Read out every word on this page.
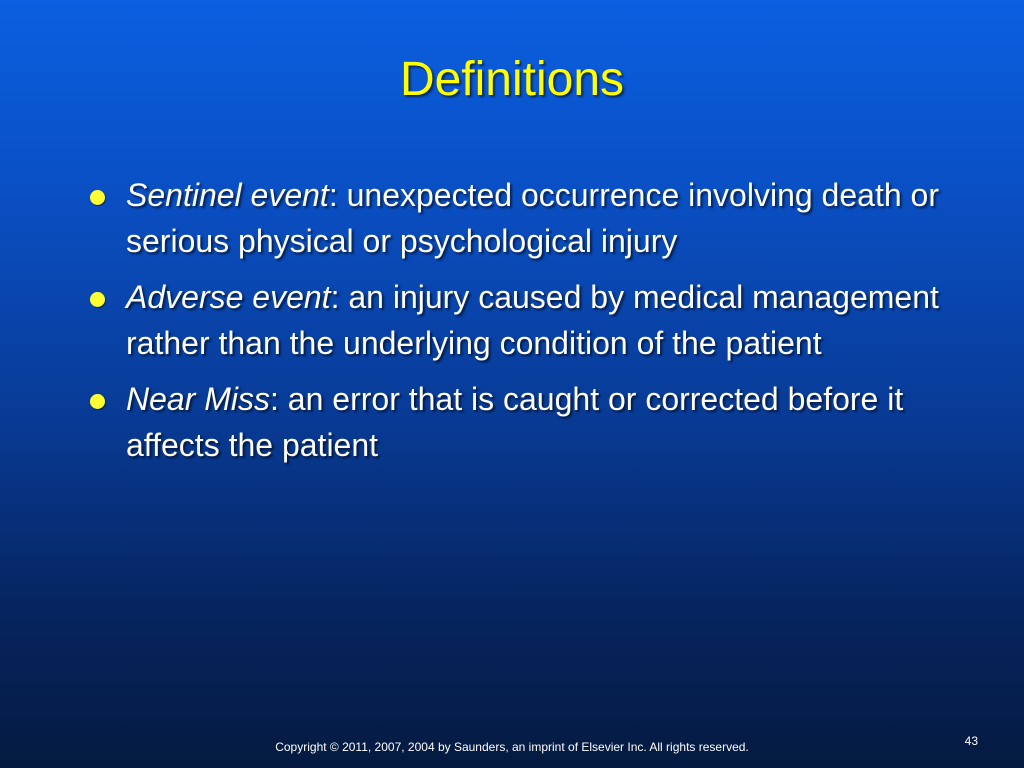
Definitions
Sentinel event: unexpected occurrence involving death or serious physical or psychological injury
Adverse event: an injury caused by medical management rather than the underlying condition of the patient
Near Miss: an error that is caught or corrected before it affects the patient
Copyright © 2011, 2007, 2004 by Saunders, an imprint of Elsevier Inc. All rights reserved.	43
